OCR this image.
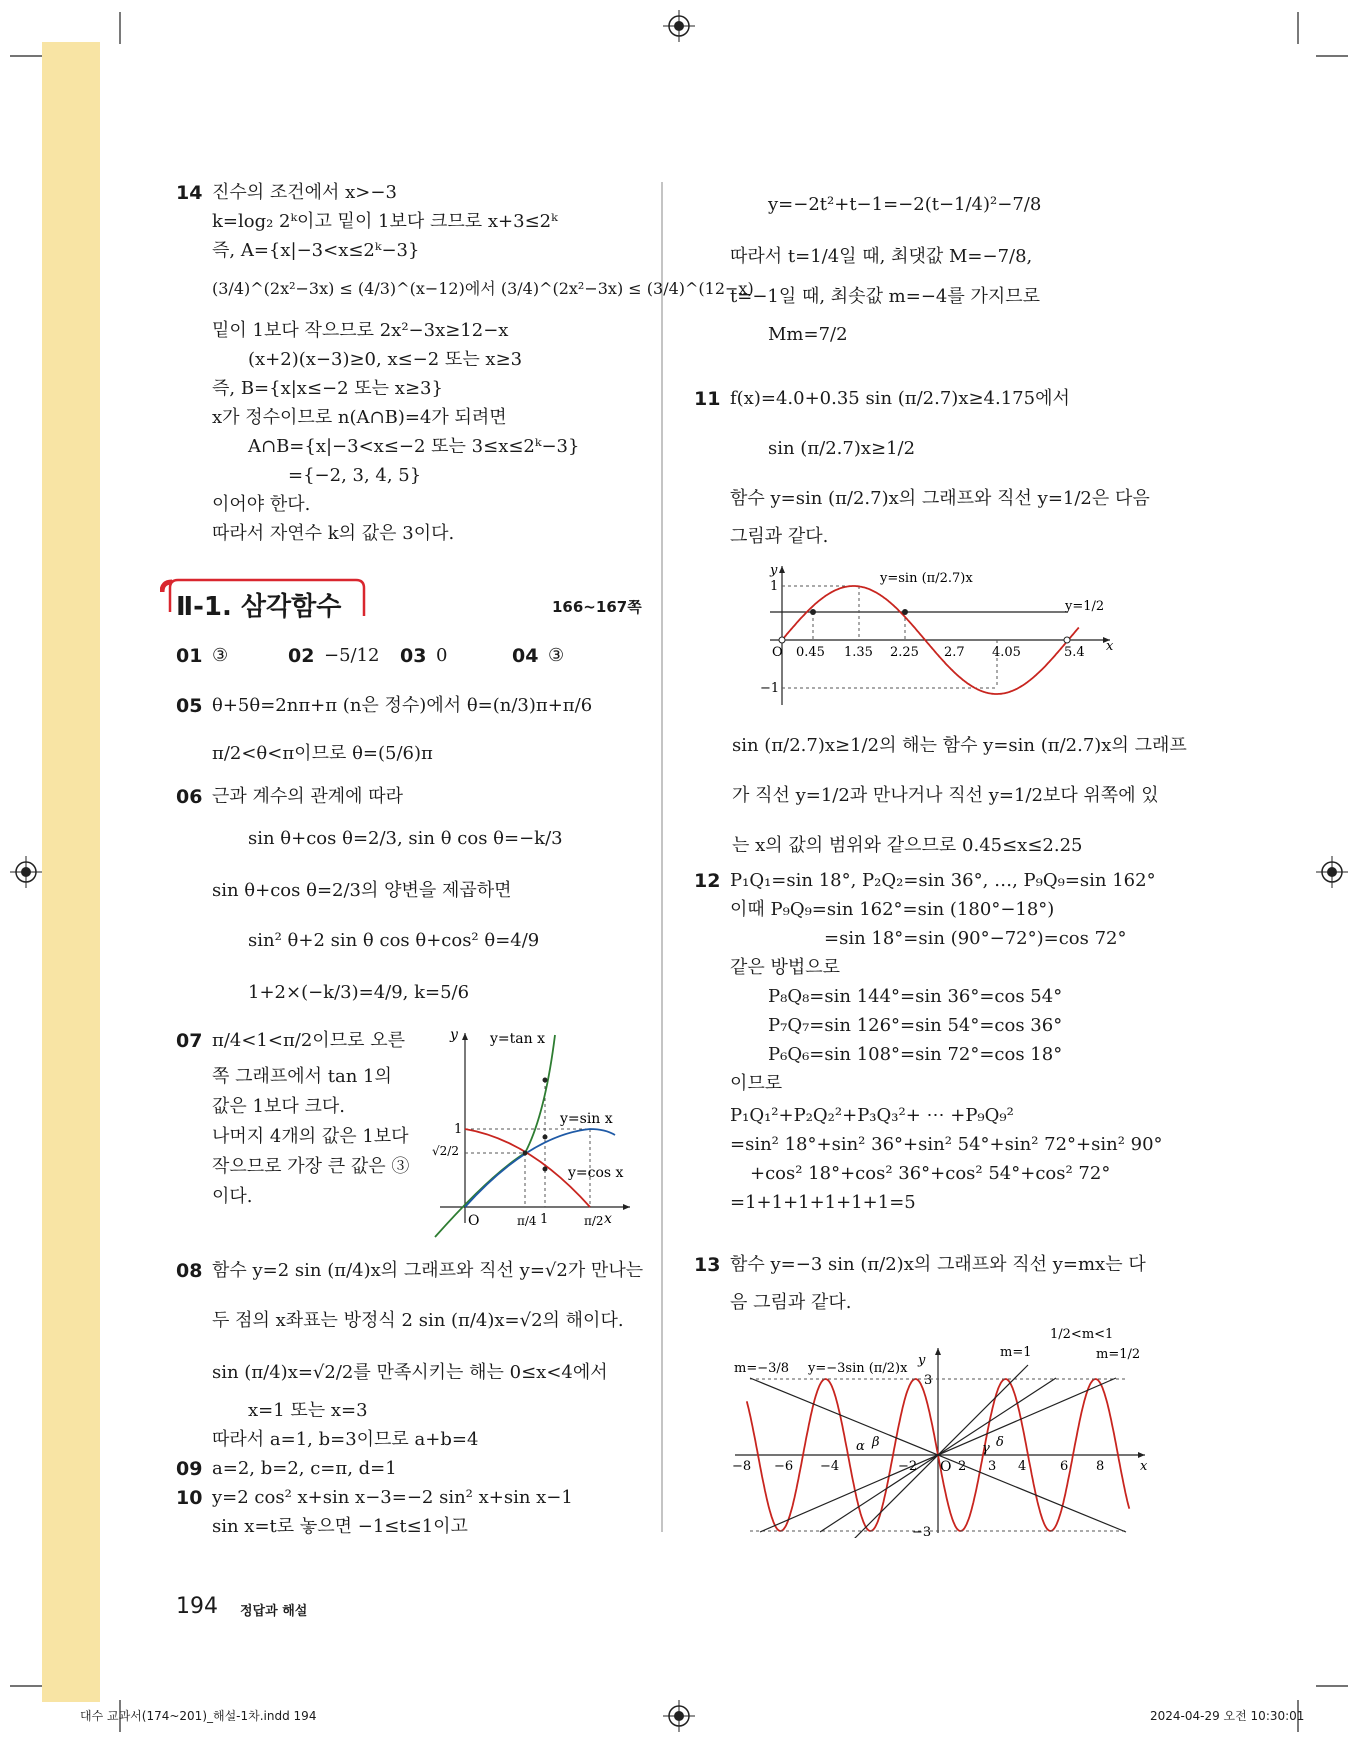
14 진수의 조건에서 x>−3
k=log₂ 2ᵏ이고 밑이 1보다 크므로 x+3≤2ᵏ
즉, A={x|−3<x≤2ᵏ−3}
(3/4)^(2x²−3x) ≤ (4/3)^(x−12)에서 (3/4)^(2x²−3x) ≤ (3/4)^(12−x)
밑이 1보다 작으므로 2x²−3x≥12−x
(x+2)(x−3)≥0, x≤−2 또는 x≥3
즉, B={x|x≤−2 또는 x≥3}
x가 정수이므로 n(A∩B)=4가 되려면
A∩B={x|−3<x≤−2 또는 3≤x≤2ᵏ−3}
={−2, 3, 4, 5}
이어야 한다.
따라서 자연수 k의 값은 3이다.
Ⅱ-1. 삼각함수	166~167쪽
01 ③	02 −5/12 03 0	04 ③
05 θ+5θ=2nπ+π (n은 정수)에서 θ=(n/3)π+π/6
π/2<θ<π이므로 θ=(5/6)π
06 근과 계수의 관계에 따라
sin θ+cos θ=2/3, sin θ cos θ=−k/3
sin θ+cos θ=2/3의 양변을 제곱하면
sin² θ+2 sin θ cos θ+cos² θ=4/9
1+2×(−k/3)=4/9, k=5/6
07 π/4<1<π/2이므로 오른
쪽 그래프에서 tan 1의
값은 1보다 크다.
나머지 4개의 값은 1보다
작으므로 가장 큰 값은 ③
이다.
y y=tan x
y=sin x
y=cos x
1
√2/2
O	π/4 1	π/2 x
08 함수 y=2 sin (π/4)x의 그래프와 직선 y=√2가 만나는
두 점의 x좌표는 방정식 2 sin (π/4)x=√2의 해이다.
sin (π/4)x=√2/2를 만족시키는 해는 0≤x<4에서
x=1 또는 x=3
따라서 a=1, b=3이므로 a+b=4
09 a=2, b=2, c=π, d=1
10 y=2 cos² x+sin x−3=−2 sin² x+sin x−1
sin x=t로 놓으면 −1≤t≤1이고
y=−2t²+t−1=−2(t−1/4)²−7/8
따라서 t=1/4일 때, 최댓값 M=−7/8,
t=−1일 때, 최솟값 m=−4를 가지므로
Mm=7/2
11 f(x)=4.0+0.35 sin (π/2.7)x≥4.175에서
sin (π/2.7)x≥1/2
함수 y=sin (π/2.7)x의 그래프와 직선 y=1/2은 다음
그림과 같다.
y
1
−1
O
y=sin (π/2.7)x
y=1/2
0.45 1.35 2.25 2.7 4.05	5.4 x
sin (π/2.7)x≥1/2의 해는 함수 y=sin (π/2.7)x의 그래프
가 직선 y=1/2과 만나거나 직선 y=1/2보다 위쪽에 있
는 x의 값의 범위와 같으므로 0.45≤x≤2.25
12 P₁Q₁=sin 18°, P₂Q₂=sin 36°, …, P₉Q₉=sin 162°
이때 P₉Q₉=sin 162°=sin (180°−18°)
=sin 18°=sin (90°−72°)=cos 72°
같은 방법으로
P₈Q₈=sin 144°=sin 36°=cos 54°
P₇Q₇=sin 126°=sin 54°=cos 36°
P₆Q₆=sin 108°=sin 72°=cos 18°
이므로
P₁Q₁²+P₂Q₂²+P₃Q₃²+ ⋯ +P₉Q₉²
=sin² 18°+sin² 36°+sin² 54°+sin² 72°+sin² 90°
+cos² 18°+cos² 36°+cos² 54°+cos² 72°
=1+1+1+1+1+1=5
13 함수 y=−3 sin (π/2)x의 그래프와 직선 y=mx는 다
음 그림과 같다.
m=−3/8 y=−3sin (π/2)x
y
m=1
1/2<m<1
m=1/2
3
−3
O	x
α β	γ δ
−8 −6 −4	−2	2 3 4	6 8
194 정답과 해설
대수 교과서(174~201)_해설-1차.indd 194	2024-04-29 오전 10:30:01
